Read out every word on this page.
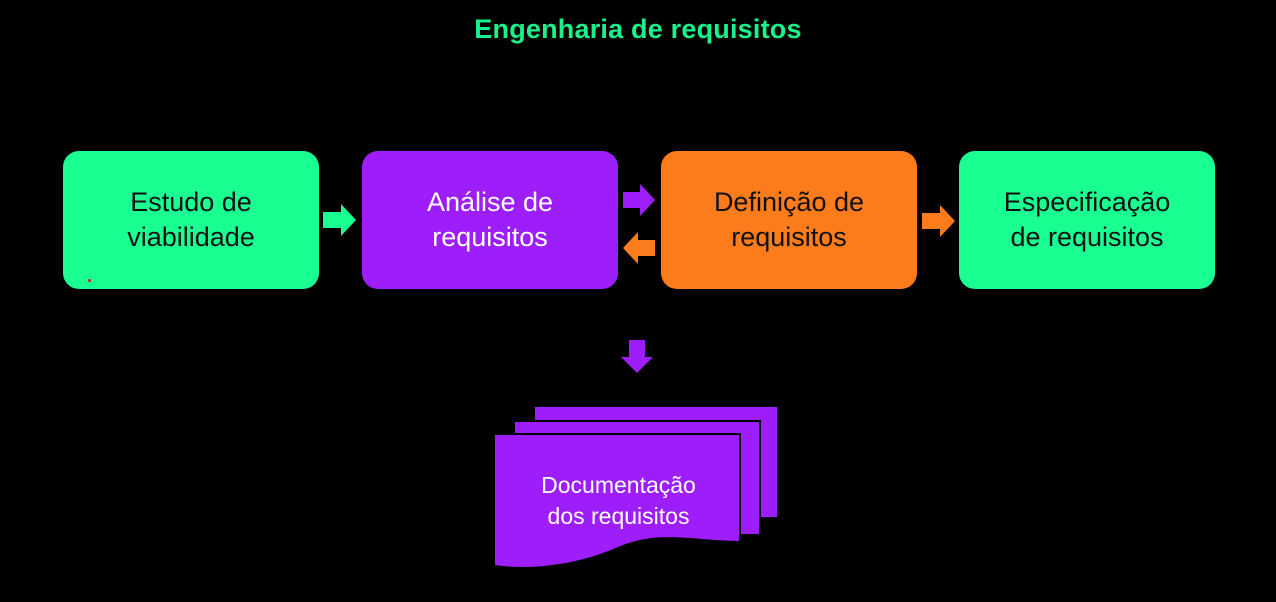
Engenharia de requisitos
Estudo de
viabilidade
Análise de
requisitos
Definição de
requisitos
Especificação
de requisitos
Documentação
dos requisitos
